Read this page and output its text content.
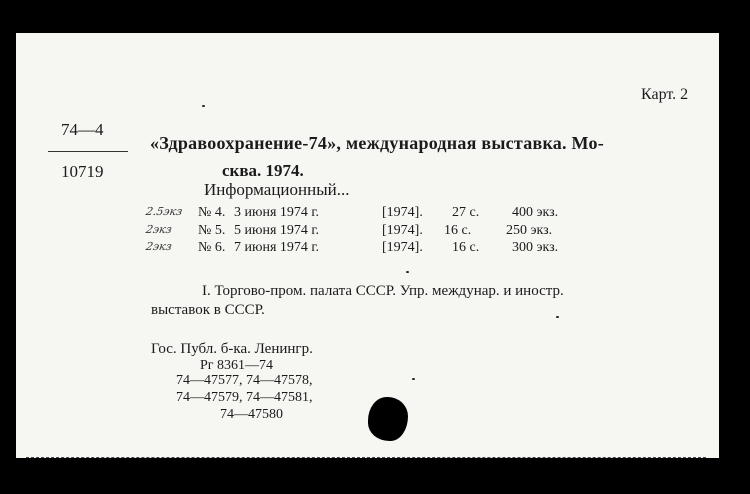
Карт. 2
74—4
10719
«Здравоохранение-74», международная выставка. Мо-
сква. 1974.
Информационный...
2.5экз № 4. 3 июня 1974 г.	[1974]. 27 с. 400 экз.
2экз № 5. 5 июня 1974 г.	[1974]. 16 с. 250 экз.
2экз № 6. 7 июня 1974 г.	[1974]. 16 с. 300 экз.
I. Торгово-пром. палата СССР. Упр. междунар. и иностр.
выставок в СССР.
Гос. Публ. б-ка. Ленингр.
Рг 8361—74
74—47577, 74—47578,
74—47579, 74—47581,
74—47580
